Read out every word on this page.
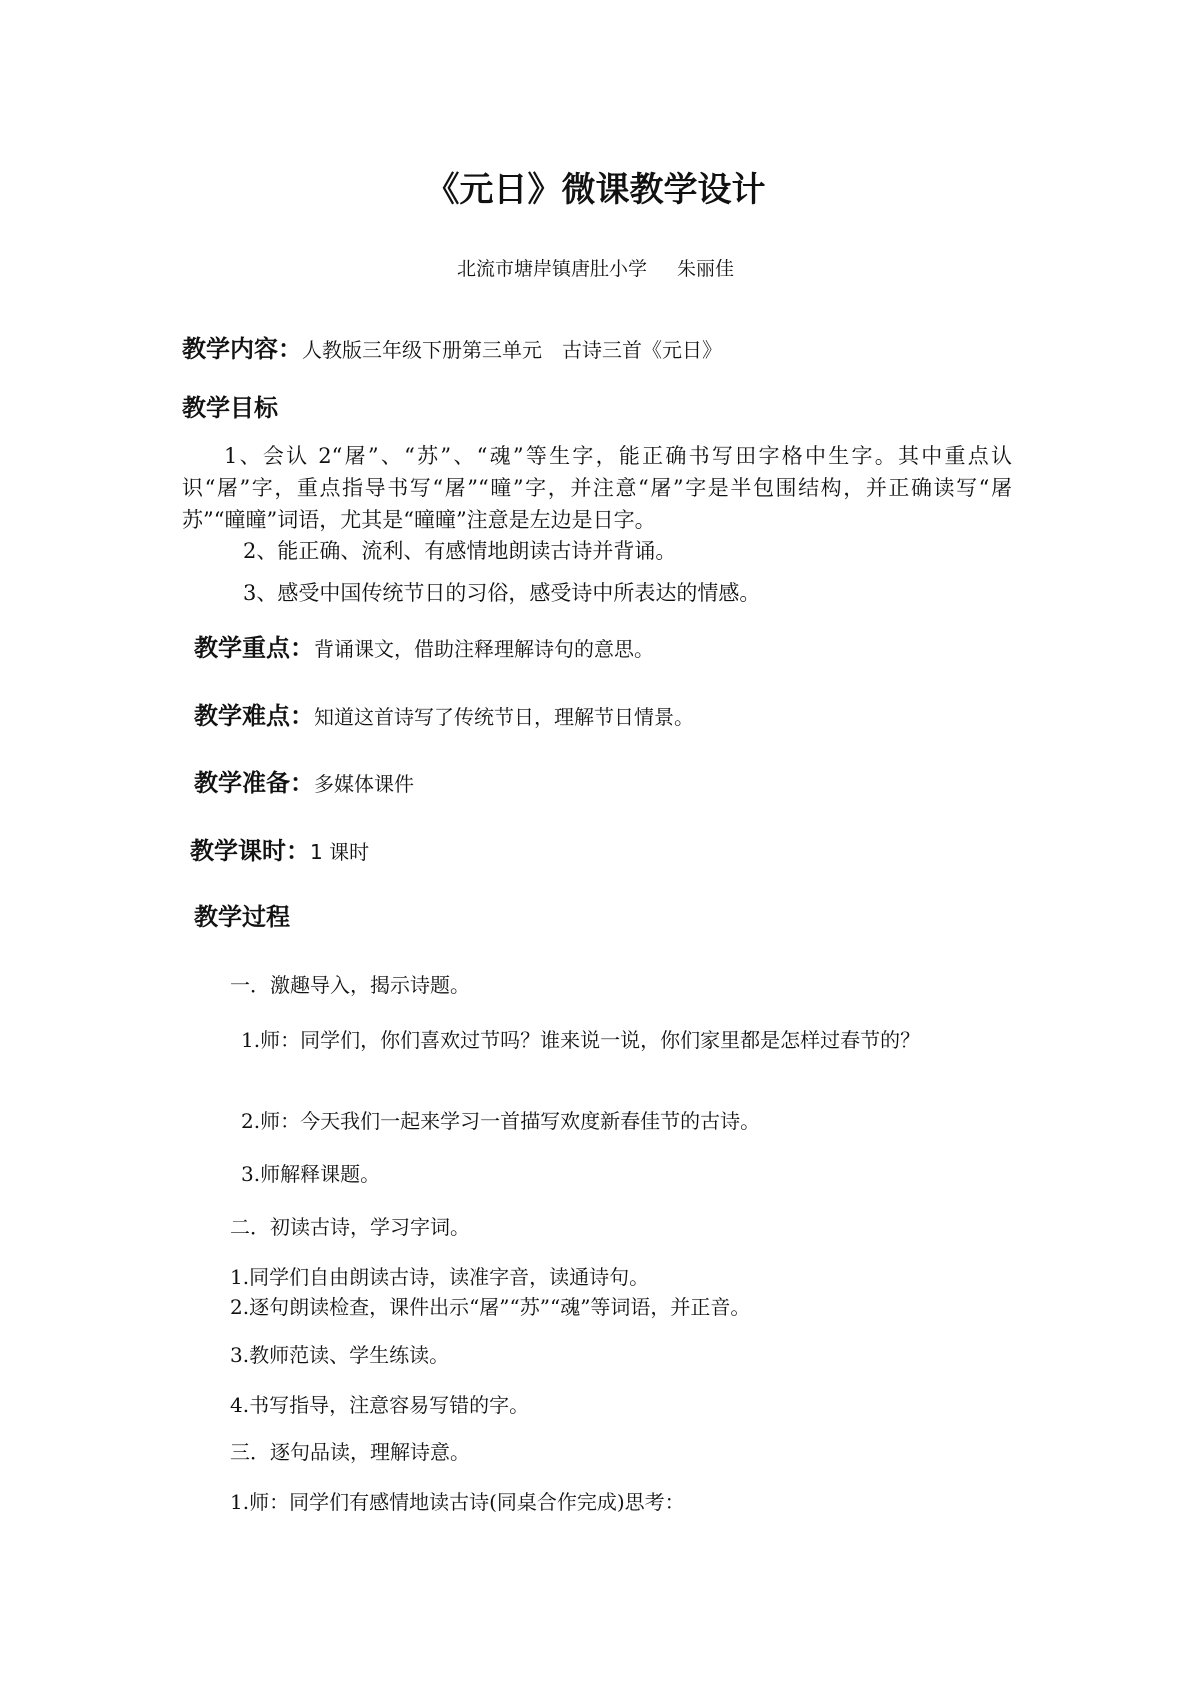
《元日》微课教学设计
北流市塘岸镇唐肚小学 朱丽佳
教学内容：人教版三年级下册第三单元　古诗三首《元日》
教学目标
1、会认 2“屠”、“苏”、“魂”等生字，能正确书写田字格中生字。其中重点认识“屠”字，重点指导书写“屠”“曈”字，并注意“屠”字是半包围结构，并正确读写“屠苏”“曈曈”词语，尤其是“曈曈”注意是左边是日字。
2、能正确、流利、有感情地朗读古诗并背诵。
3、感受中国传统节日的习俗，感受诗中所表达的情感。
教学重点：背诵课文，借助注释理解诗句的意思。
教学难点：知道这首诗写了传统节日，理解节日情景。
教学准备：多媒体课件
教学课时：1 课时
教学过程
一．激趣导入，揭示诗题。
1.师：同学们，你们喜欢过节吗？谁来说一说，你们家里都是怎样过春节的？
2.师：今天我们一起来学习一首描写欢度新春佳节的古诗。
3.师解释课题。
二．初读古诗，学习字词。
1.同学们自由朗读古诗，读准字音，读通诗句。
2.逐句朗读检查，课件出示“屠”“苏”“魂”等词语，并正音。
3.教师范读、学生练读。
4.书写指导，注意容易写错的字。
三．逐句品读，理解诗意。
1.师：同学们有感情地读古诗(同桌合作完成)思考：
